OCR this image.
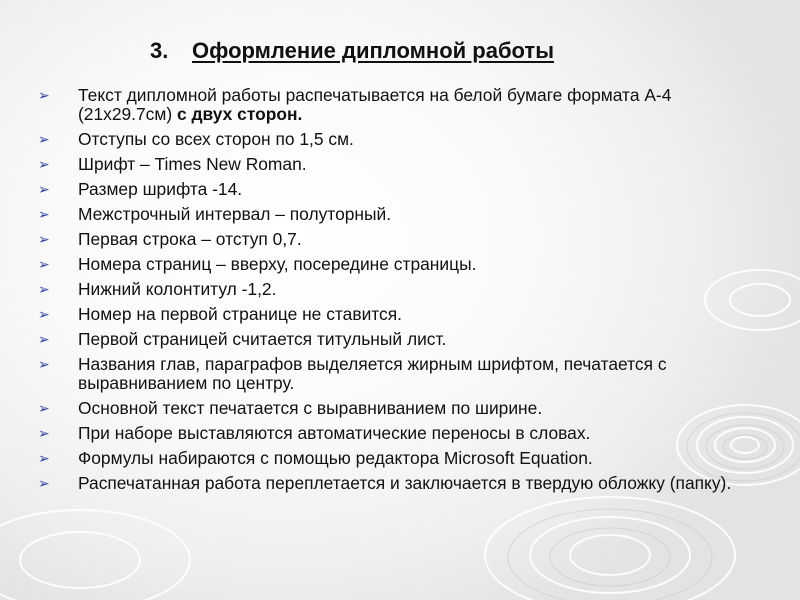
3. Оформление дипломной работы
➢	Текст дипломной работы распечатывается на белой бумаге формата А-4 (21х29.7см) с двух сторон.
➢	Отступы со всех сторон по 1,5 см.
➢	Шрифт – Times New Roman.
➢	Размер шрифта -14.
➢	Межстрочный интервал – полуторный.
➢	Первая строка – отступ 0,7.
➢	Номера страниц – вверху, посередине страницы.
➢	Нижний колонтитул -1,2.
➢	Номер на первой странице не ставится.
➢	Первой страницей считается титульный лист.
➢	Названия глав, параграфов выделяется жирным шрифтом, печатается с выравниванием по центру.
➢	Основной текст печатается с выравниванием по ширине.
➢	При наборе выставляются автоматические переносы в словах.
➢	Формулы набираются с помощью редактора Microsoft Equation.
➢	Распечатанная работа переплетается и заключается в твердую обложку (папку).
